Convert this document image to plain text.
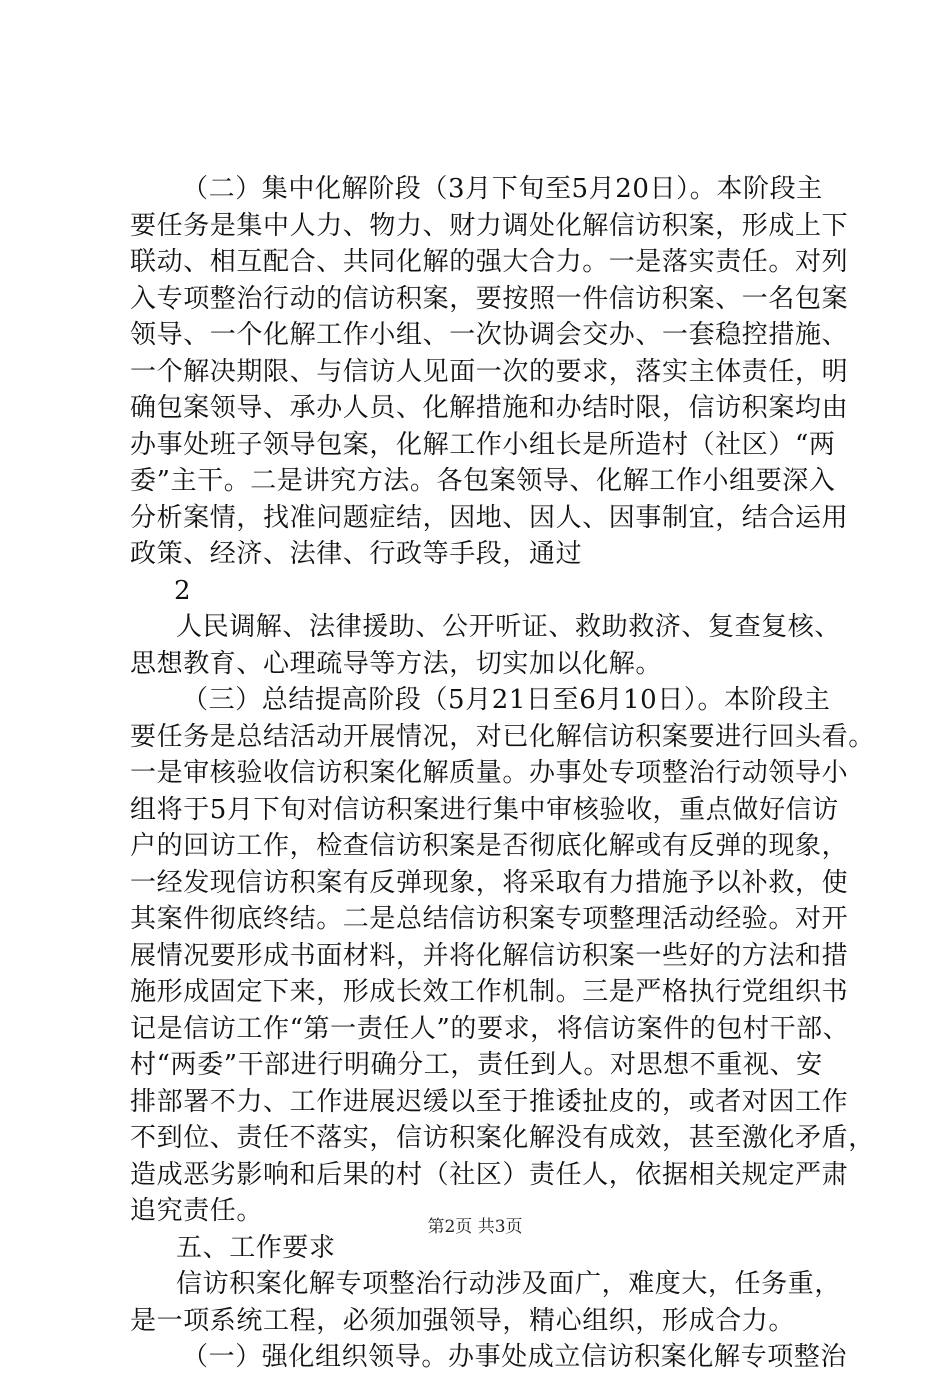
（二）集中化解阶段（3月下旬至5月20日）。本阶段主
要任务是集中人力、物力、财力调处化解信访积案，形成上下
联动、相互配合、共同化解的强大合力。一是落实责任。对列
入专项整治行动的信访积案，要按照一件信访积案、一名包案
领导、一个化解工作小组、一次协调会交办、一套稳控措施、
一个解决期限、与信访人见面一次的要求，落实主体责任，明
确包案领导、承办人员、化解措施和办结时限，信访积案均由
办事处班子领导包案，化解工作小组长是所造村（社区）“两
委”主干。二是讲究方法。各包案领导、化解工作小组要深入
分析案情，找准问题症结，因地、因人、因事制宜，结合运用
政策、经济、法律、行政等手段，通过
2
人民调解、法律援助、公开听证、救助救济、复查复核、
思想教育、心理疏导等方法，切实加以化解。
（三）总结提高阶段（5月21日至6月10日）。本阶段主
要任务是总结活动开展情况，对已化解信访积案要进行回头看。
一是审核验收信访积案化解质量。办事处专项整治行动领导小
组将于5月下旬对信访积案进行集中审核验收，重点做好信访
户的回访工作，检查信访积案是否彻底化解或有反弹的现象，
一经发现信访积案有反弹现象，将采取有力措施予以补救，使
其案件彻底终结。二是总结信访积案专项整理活动经验。对开
展情况要形成书面材料，并将化解信访积案一些好的方法和措
施形成固定下来，形成长效工作机制。三是严格执行党组织书
记是信访工作“第一责任人”的要求，将信访案件的包村干部、
村“两委”干部进行明确分工，责任到人。对思想不重视、安
排部署不力、工作进展迟缓以至于推诿扯皮的，或者对因工作
不到位、责任不落实，信访积案化解没有成效，甚至激化矛盾，
造成恶劣影响和后果的村（社区）责任人，依据相关规定严肃
追究责任。
五、工作要求
信访积案化解专项整治行动涉及面广，难度大，任务重，
是一项系统工程，必须加强领导，精心组织，形成合力。
（一）强化组织领导。办事处成立信访积案化解专项整治
第2页 共3页
